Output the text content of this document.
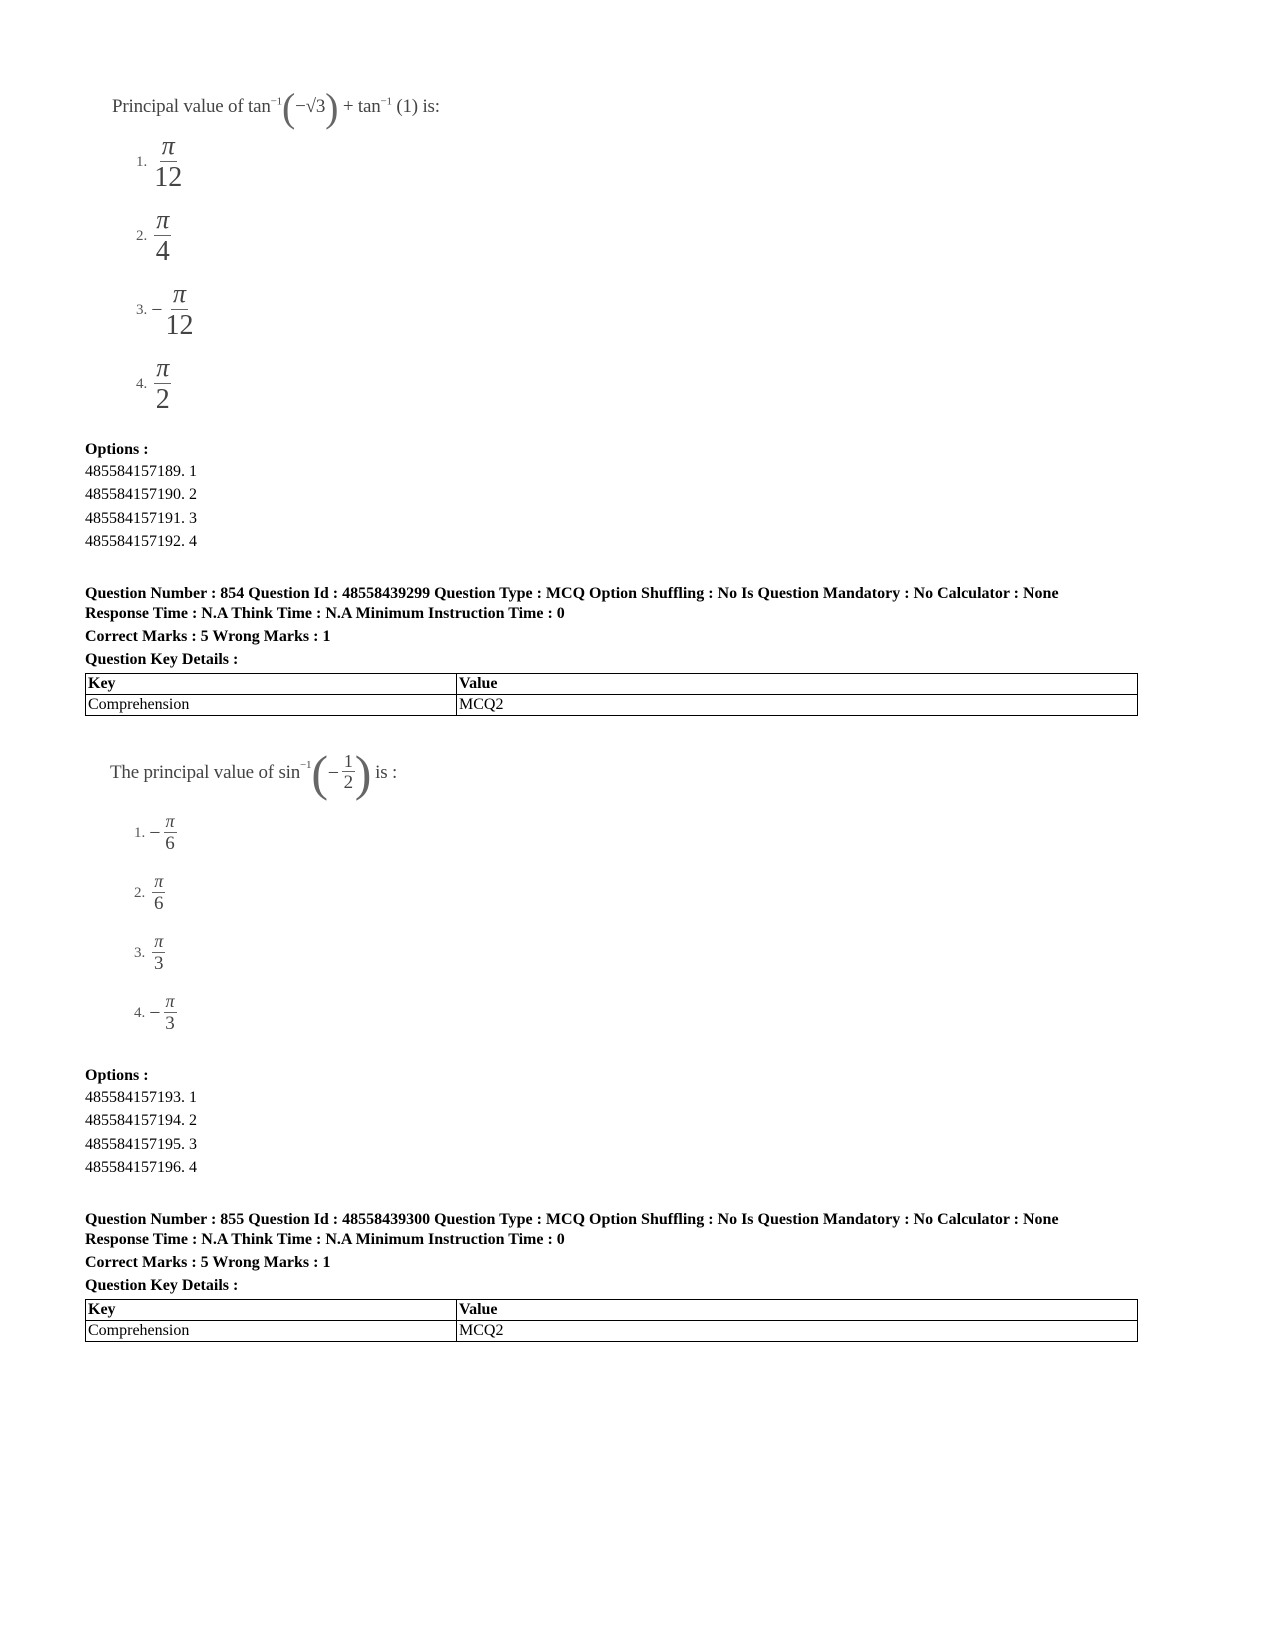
Principal value of $\tan^{-1}(-√3) + \tan^{-1} (1)$ is:
1. $\frac{\pi}{12}$
2. $\frac{\pi}{4}$
3. − $\frac{\pi}{12}$
4. $\frac{\pi}{2}$
Options :
485584157189. 1
485584157190. 2
485584157191. 3
485584157192. 4
Question Number : 854 Question Id : 48558439299 Question Type : MCQ Option Shuffling : No Is Question Mandatory : No Calculator : None
Response Time : N.A Think Time : N.A Minimum Instruction Time : 0
Correct Marks : 5 Wrong Marks : 1
Question Key Details :
Key	Value
Comprehension	MCQ2
The principal value of $\sin^{-1}$ ( − $\frac{1}{2}$ ) is :
1. − $\frac{\pi}{6}$
2. $\frac{\pi}{6}$
3. $\frac{\pi}{3}$
4. − $\frac{\pi}{3}$
Options :
485584157193. 1
485584157194. 2
485584157195. 3
485584157196. 4
Question Number : 855 Question Id : 48558439300 Question Type : MCQ Option Shuffling : No Is Question Mandatory : No Calculator : None
Response Time : N.A Think Time : N.A Minimum Instruction Time : 0
Correct Marks : 5 Wrong Marks : 1
Question Key Details :
Key	Value
Comprehension	MCQ2
